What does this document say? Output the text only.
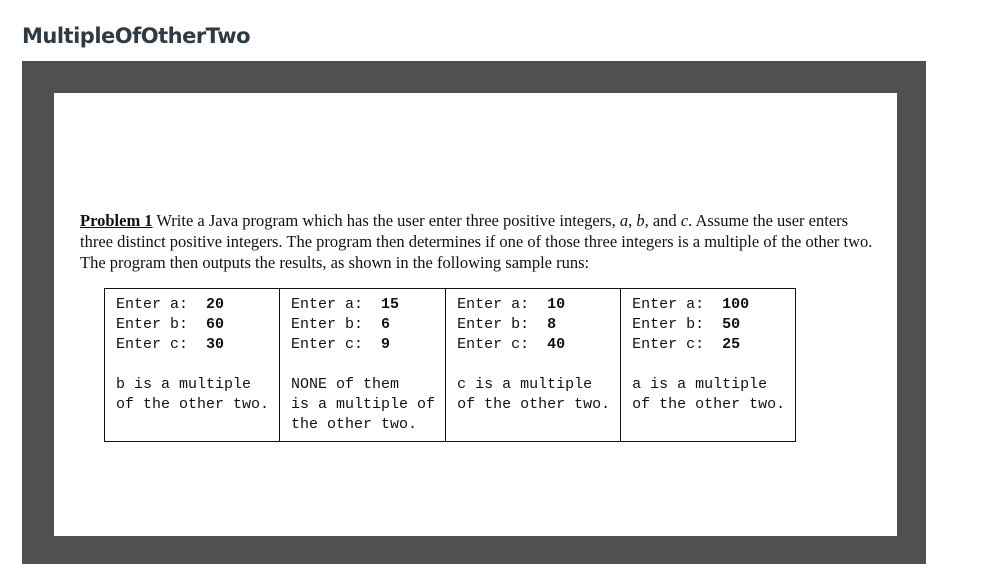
MultipleOfOtherTwo

Problem 1 Write a Java program which has the user enter three positive integers, a, b, and c. Assume the user enters three distinct positive integers. The program then determines if one of those three integers is a multiple of the other two. The program then outputs the results, as shown in the following sample runs:

Enter a: 20
Enter b: 60
Enter c: 30
b is a multiple
of the other two.

Enter a: 15
Enter b: 6
Enter c: 9
NONE of them
is a multiple of
the other two.

Enter a: 10
Enter b: 8
Enter c: 40
c is a multiple
of the other two.

Enter a: 100
Enter b: 50
Enter c: 25
a is a multiple
of the other two.
